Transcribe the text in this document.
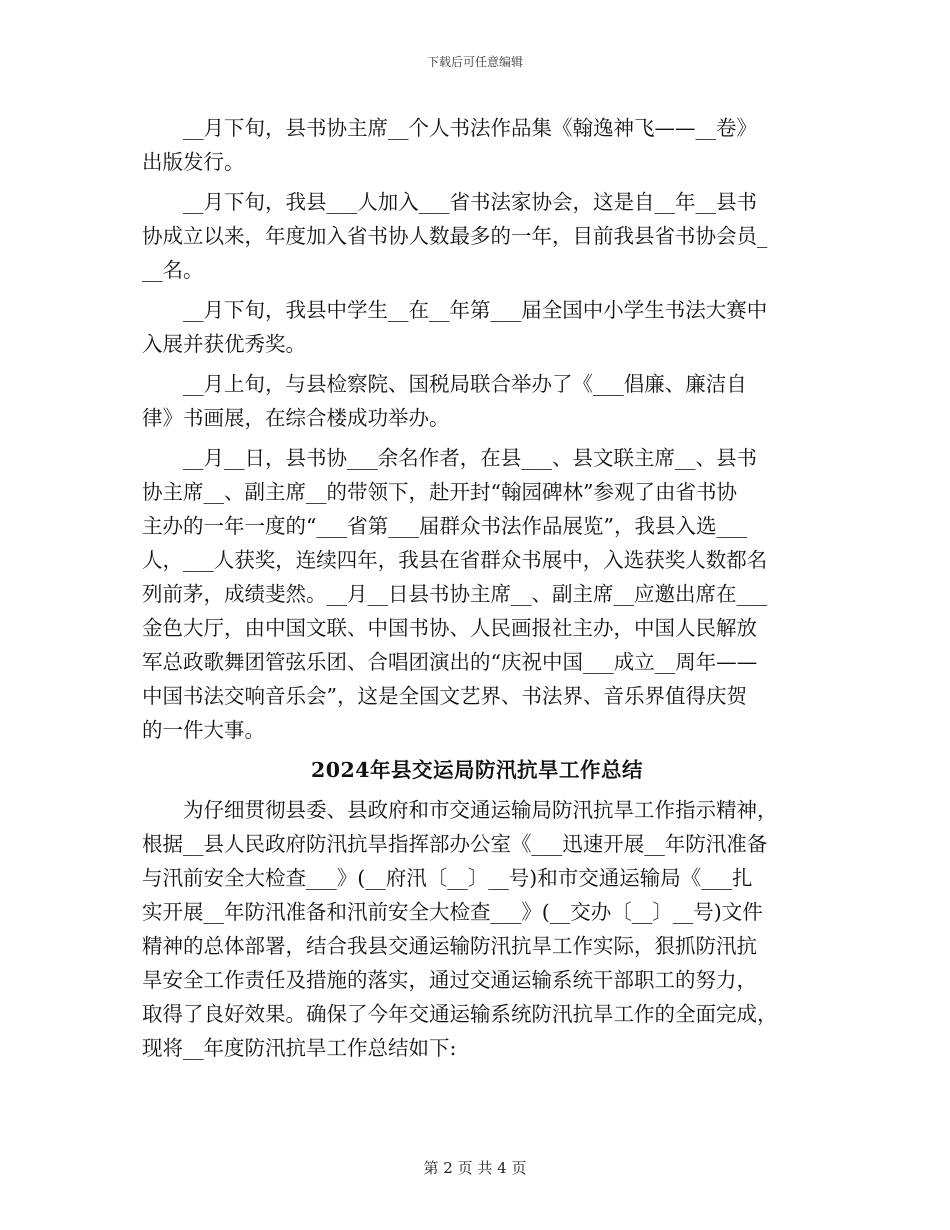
下载后可任意编辑
__月下旬，县书协主席__个人书法作品集《翰逸神飞——__卷》
出版发行。
__月下旬，我县___人加入___省书法家协会，这是自__年__县书
协成立以来，年度加入省书协人数最多的一年，目前我县省书协会员_
__名。
__月下旬，我县中学生__在__年第___届全国中小学生书法大赛中
入展并获优秀奖。
__月上旬，与县检察院、国税局联合举办了《___倡廉、廉洁自
律》书画展，在综合楼成功举办。
__月__日，县书协___余名作者，在县___、县文联主席__、县书
协主席__、副主席__的带领下，赴开封“翰园碑林”参观了由省书协
主办的一年一度的“___省第___届群众书法作品展览”，我县入选___
人，___人获奖，连续四年，我县在省群众书展中，入选获奖人数都名
列前茅，成绩斐然。__月__日县书协主席__、副主席__应邀出席在___
金色大厅，由中国文联、中国书协、人民画报社主办，中国人民解放
军总政歌舞团管弦乐团、合唱团演出的“庆祝中国___成立__周年——
中国书法交响音乐会”，这是全国文艺界、书法界、音乐界值得庆贺
的一件大事。
2024年县交运局防汛抗旱工作总结
为仔细贯彻县委、县政府和市交通运输局防汛抗旱工作指示精神，
根据__县人民政府防汛抗旱指挥部办公室《___迅速开展__年防汛准备
与汛前安全大检查___》(__府汛〔__〕__号)和市交通运输局《___扎
实开展__年防汛准备和汛前安全大检查___》(__交办〔__〕__号)文件
精神的总体部署，结合我县交通运输防汛抗旱工作实际，狠抓防汛抗
旱安全工作责任及措施的落实，通过交通运输系统干部职工的努力，
取得了良好效果。确保了今年交通运输系统防汛抗旱工作的全面完成，
现将__年度防汛抗旱工作总结如下:
第 2 页 共 4 页
